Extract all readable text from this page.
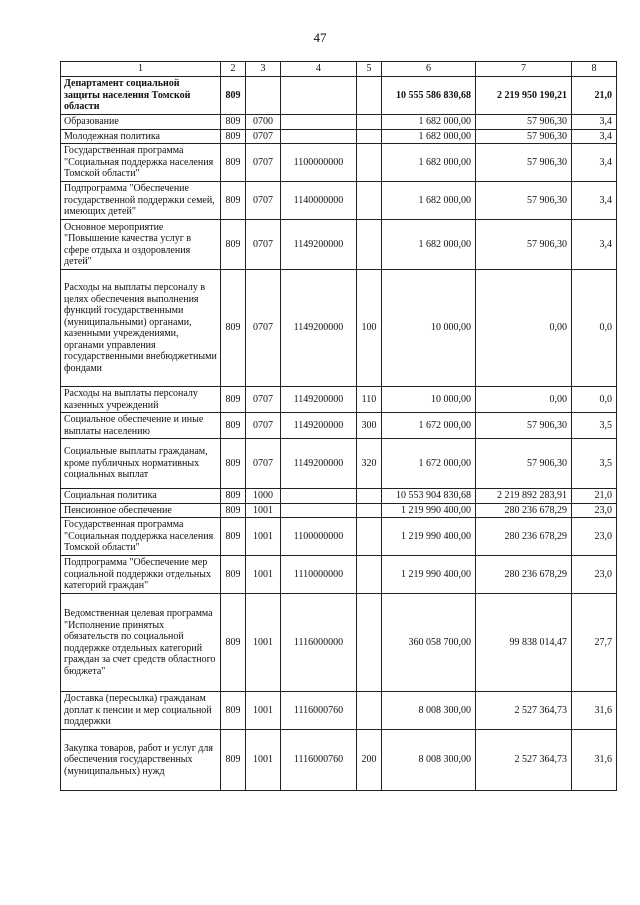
47
1	2	3	4	5	6	7	8
Департамент социальной защиты населения Томской области	809				10 555 586 830,68	2 219 950 190,21	21,0
Образование	809	0700			1 682 000,00	57 906,30	3,4
Молодежная политика	809	0707			1 682 000,00	57 906,30	3,4
Государственная программа "Социальная поддержка населения Томской области"	809	0707	1100000000		1 682 000,00	57 906,30	3,4
Подпрограмма "Обеспечение государственной поддержки семей, имеющих детей"	809	0707	1140000000		1 682 000,00	57 906,30	3,4
Основное мероприятие "Повышение качества услуг в сфере отдыха и оздоровления детей"	809	0707	1149200000		1 682 000,00	57 906,30	3,4
Расходы на выплаты персоналу в целях обеспечения выполнения функций государственными (муниципальными) органами, казенными учреждениями, органами управления государственными внебюджетными фондами	809	0707	1149200000	100	10 000,00	0,00	0,0
Расходы на выплаты персоналу казенных учреждений	809	0707	1149200000	110	10 000,00	0,00	0,0
Социальное обеспечение и иные выплаты населению	809	0707	1149200000	300	1 672 000,00	57 906,30	3,5
Социальные выплаты гражданам, кроме публичных нормативных социальных выплат	809	0707	1149200000	320	1 672 000,00	57 906,30	3,5
Социальная политика	809	1000			10 553 904 830,68	2 219 892 283,91	21,0
Пенсионное обеспечение	809	1001			1 219 990 400,00	280 236 678,29	23,0
Государственная программа "Социальная поддержка населения Томской области"	809	1001	1100000000		1 219 990 400,00	280 236 678,29	23,0
Подпрограмма "Обеспечение мер социальной поддержки отдельных категорий граждан"	809	1001	1110000000		1 219 990 400,00	280 236 678,29	23,0
Ведомственная целевая программа "Исполнение принятых обязательств по социальной поддержке отдельных категорий граждан за счет средств областного бюджета"	809	1001	1116000000		360 058 700,00	99 838 014,47	27,7
Доставка (пересылка) гражданам доплат к пенсии и мер социальной поддержки	809	1001	1116000760		8 008 300,00	2 527 364,73	31,6
Закупка товаров, работ и услуг для обеспечения государственных (муниципальных) нужд	809	1001	1116000760	200	8 008 300,00	2 527 364,73	31,6
